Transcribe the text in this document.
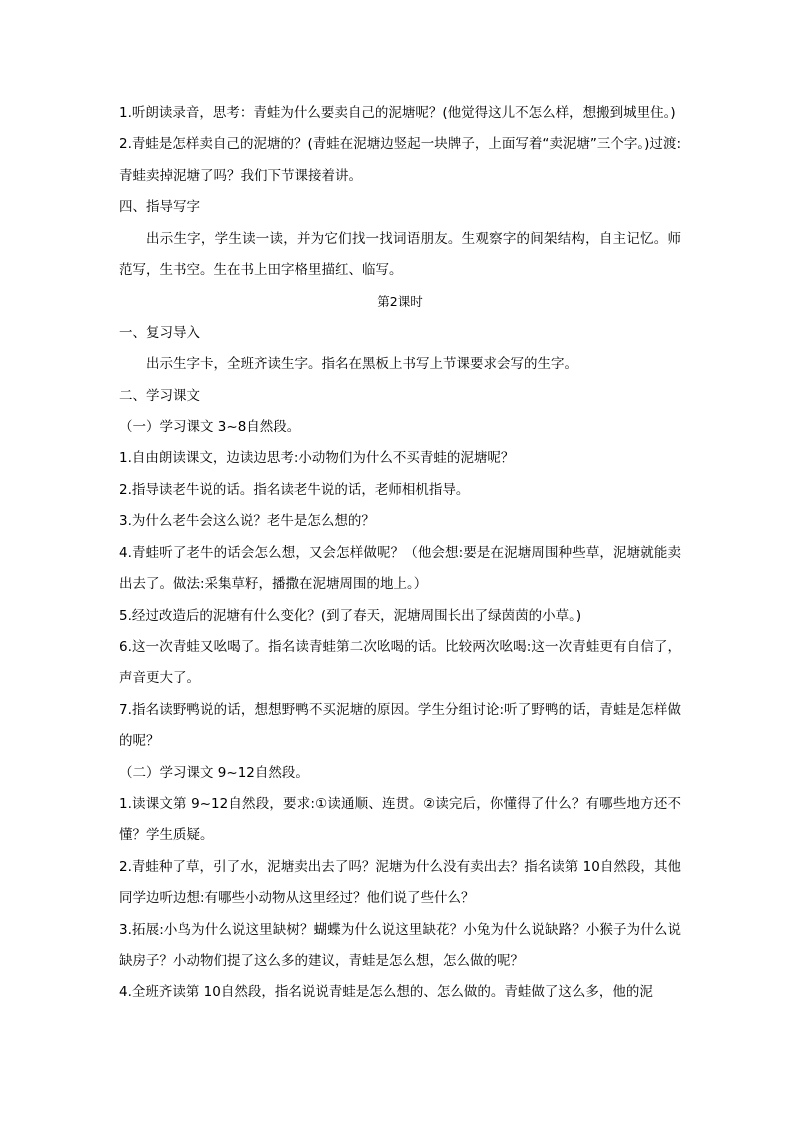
1.听朗读录音，思考：青蛙为什么要卖自己的泥塘呢？(他觉得这儿不怎么样，想搬到城里住。)

2.青蛙是怎样卖自己的泥塘的？(青蛙在泥塘边竖起一块牌子，上面写着“卖泥塘”三个字。)过渡:青蛙卖掉泥塘了吗？我们下节课接着讲。

四、指导写字

出示生字，学生读一读，并为它们找一找词语朋友。生观察字的间架结构，自主记忆。师范写，生书空。生在书上田字格里描红、临写。

第2课时

一、复习导入

出示生字卡，全班齐读生字。指名在黑板上书写上节课要求会写的生字。

二、学习课文

（一）学习课文 3~8自然段。

1.自由朗读课文，边读边思考:小动物们为什么不买青蛙的泥塘呢？

2.指导读老牛说的话。指名读老牛说的话，老师相机指导。

3.为什么老牛会这么说？老牛是怎么想的？

4.青蛙听了老牛的话会怎么想，又会怎样做呢？（他会想:要是在泥塘周围种些草，泥塘就能卖出去了。做法:采集草籽，播撒在泥塘周围的地上。）

5.经过改造后的泥塘有什么变化？(到了春天，泥塘周围长出了绿茵茵的小草。)

6.这一次青蛙又吆喝了。指名读青蛙第二次吆喝的话。比较两次吆喝:这一次青蛙更有自信了，声音更大了。

7.指名读野鸭说的话，想想野鸭不买泥塘的原因。学生分组讨论:听了野鸭的话，青蛙是怎样做的呢？

（二）学习课文 9~12自然段。

1.读课文第 9~12自然段，要求:①读通顺、连贯。②读完后，你懂得了什么？有哪些地方还不懂？学生质疑。

2.青蛙种了草，引了水，泥塘卖出去了吗？泥塘为什么没有卖出去？指名读第 10自然段，其他同学边听边想:有哪些小动物从这里经过？他们说了些什么？

3.拓展:小鸟为什么说这里缺树？蝴蝶为什么说这里缺花？小兔为什么说缺路？小猴子为什么说缺房子？小动物们提了这么多的建议，青蛙是怎么想，怎么做的呢？

4.全班齐读第 10自然段，指名说说青蛙是怎么想的、怎么做的。青蛙做了这么多，他的泥
